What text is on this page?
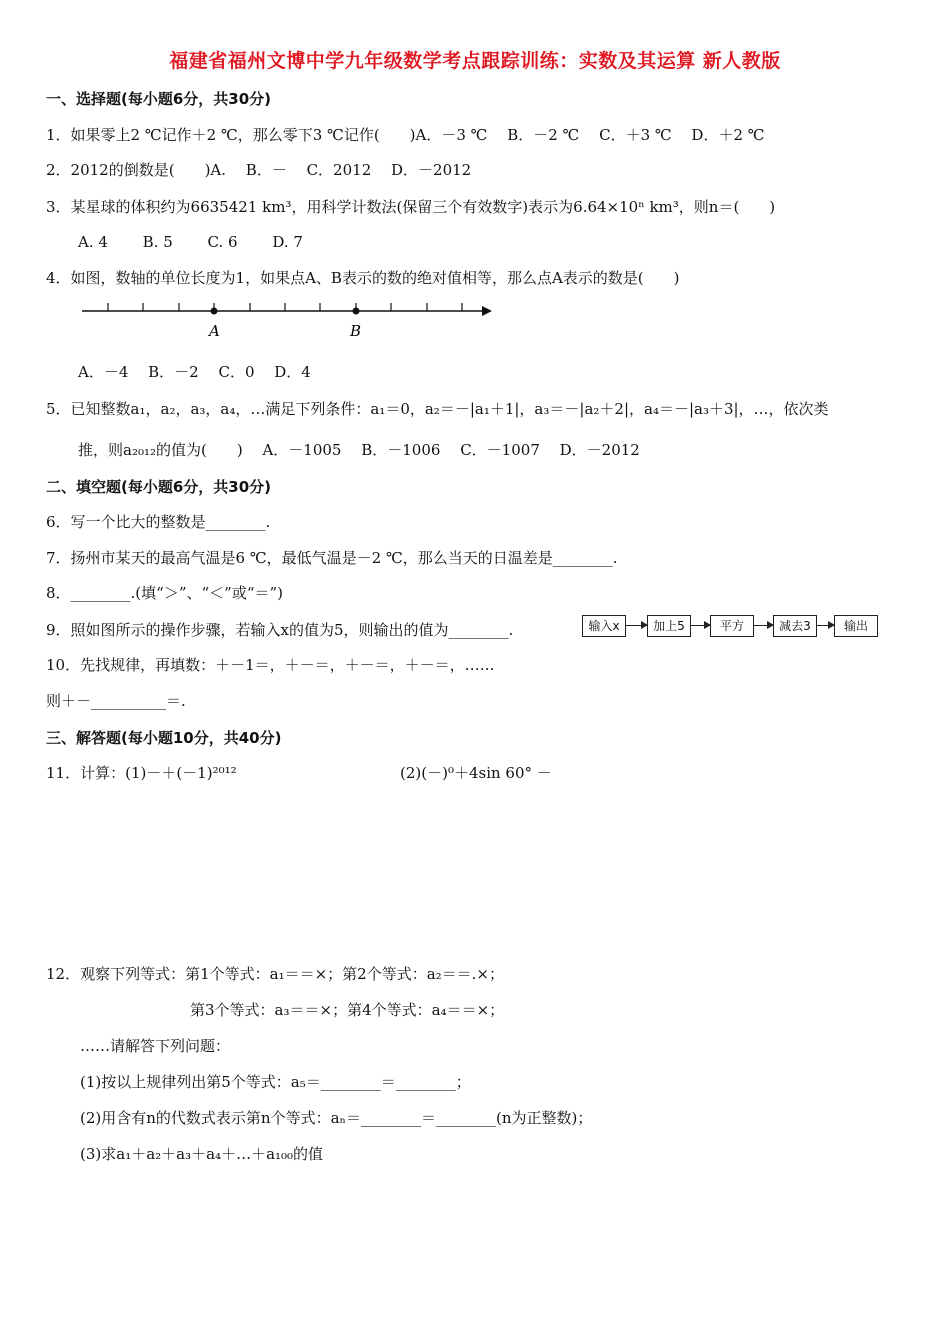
福建省福州文博中学九年级数学考点跟踪训练：实数及其运算 新人教版
一、选择题(每小题6分，共30分)
1．如果零上2 ℃记作＋2 ℃，那么零下3 ℃记作(　　)A．－3 ℃　 B．－2 ℃　 C．＋3 ℃　 D．＋2 ℃
2．2012的倒数是(　　)A.　 B．－　 C．2012　 D．－2012
3．某星球的体积约为6635421 km³，用科学计数法(保留三个有效数字)表示为6.64×10ⁿ km³，则n＝(　　)
A. 4　　 B. 5　　 C. 6　　 D. 7
4．如图，数轴的单位长度为1，如果点A、B表示的数的绝对值相等，那么点A表示的数是(　　)
A	B
A．－4　 B．－2　 C．0　 D．4
5．已知整数a₁，a₂，a₃，a₄，…满足下列条件：a₁＝0，a₂＝－|a₁＋1|，a₃＝－|a₂＋2|，a₄＝－|a₃＋3|，…，依次类
推，则a₂₀₁₂的值为(　　)　 A．－1005　 B．－1006　 C．－1007　 D．－2012
二、填空题(每小题6分，共30分)
6．写一个比大的整数是________.
7．扬州市某天的最高气温是6 ℃，最低气温是－2 ℃，那么当天的日温差是________.
8．________.(填“＞”、“＜”或“＝”)
9．照如图所示的操作步骤，若输入x的值为5，则输出的值为________.	输入x	加上5	平方	减去3	输出
10．先找规律，再填数：＋－1＝，＋－＝，＋－＝，＋－＝，……
则＋－__________＝.
三、解答题(每小题10分，共40分)
11．计算：(1)－＋(－1)²⁰¹²	(2)(－)⁰＋4sin 60° －
12．观察下列等式：第1个等式：a₁＝＝×；第2个等式：a₂＝＝.×；
第3个等式：a₃＝＝×；第4个等式：a₄＝＝×；
……请解答下列问题：
(1)按以上规律列出第5个等式：a₅＝________＝________；
(2)用含有n的代数式表示第n个等式：aₙ＝________＝________(n为正整数)；
(3)求a₁＋a₂＋a₃＋a₄＋…＋a₁₀₀的值
